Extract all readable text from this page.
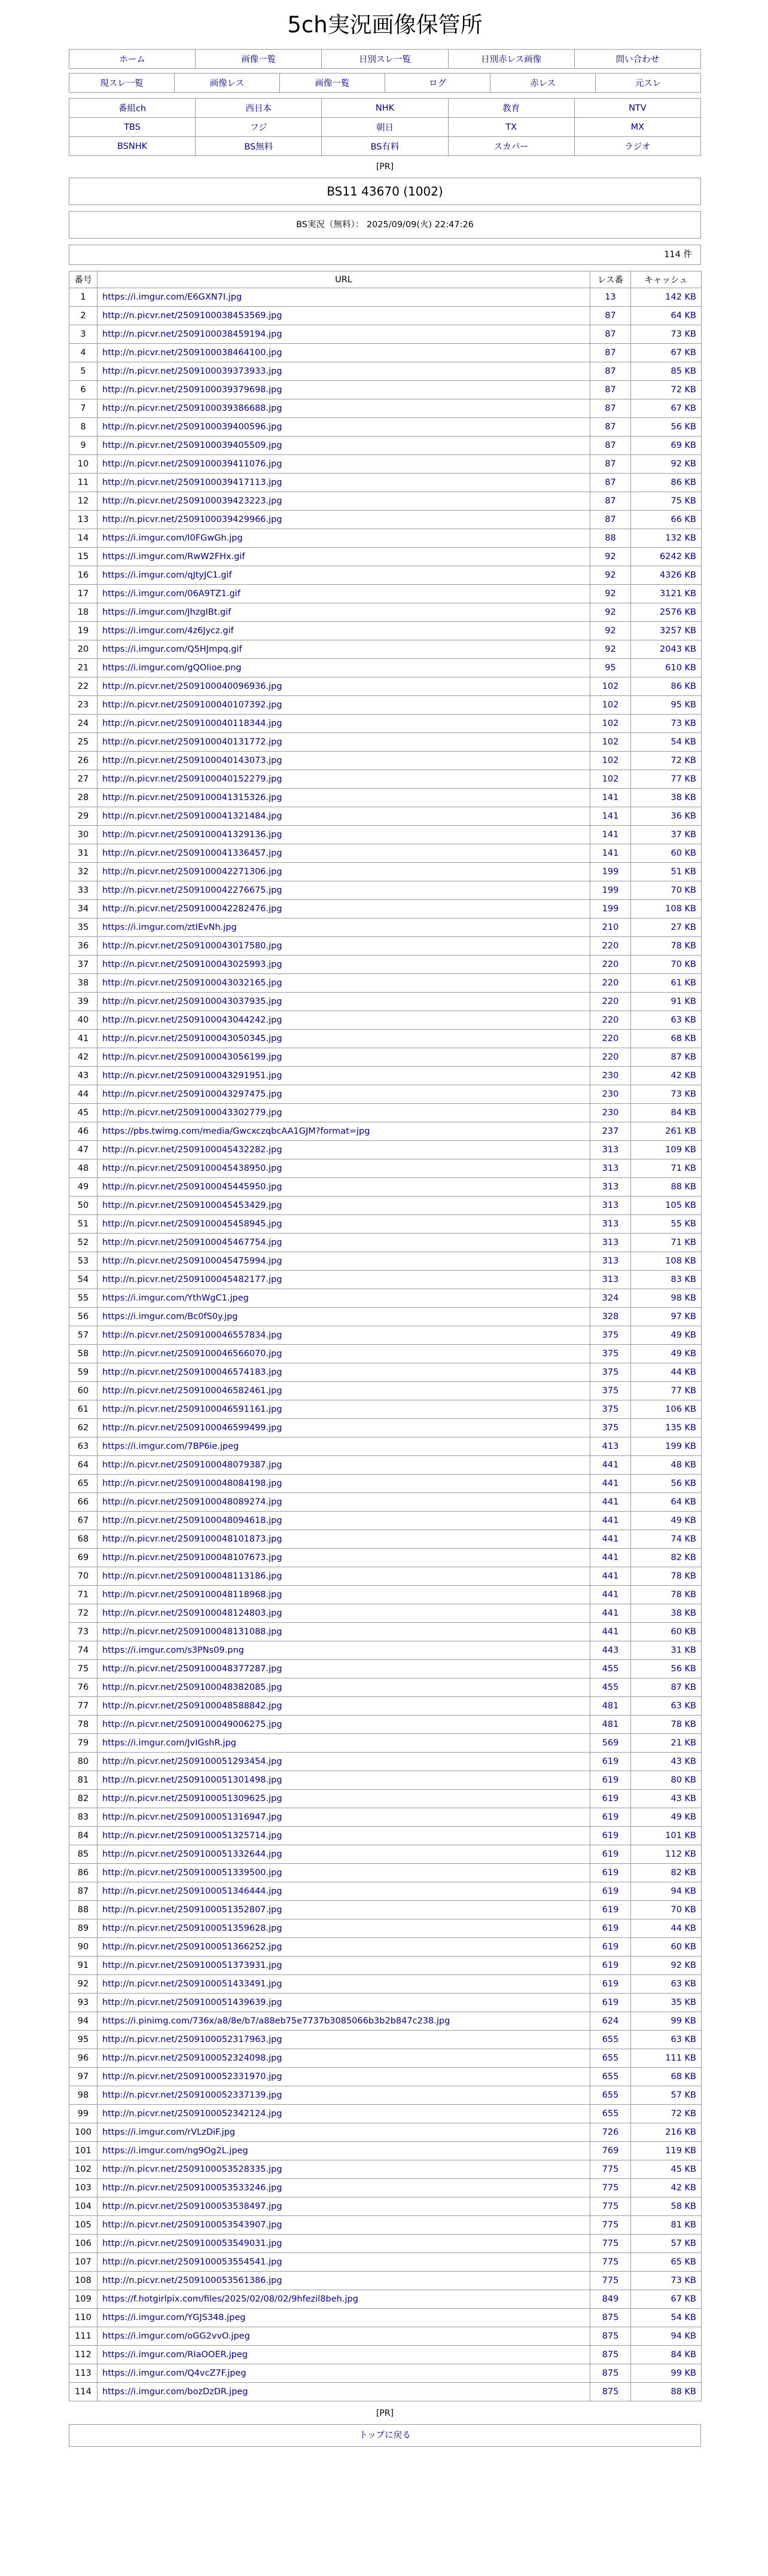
5ch実況画像保管所
ホーム	画像一覧	日別スレ一覧	日別赤レス画像	問い合わせ
現スレ一覧	画像レス	画像一覧	ログ	赤レス	元スレ
番組ch	西日本	NHK	教育	NTV
TBS	フジ	朝日	TX	MX
BSNHK	BS無料	BS有料	スカパー	ラジオ
[PR]
BS11 43670 (1002)
BS実況（無料）： 2025/09/09(火) 22:47:26
114 件
番号	URL	レス番	キャッシュ
1	https://i.imgur.com/E6GXN7I.jpg	13	142 KB
2	http://n.picvr.net/2509100038453569.jpg	87	64 KB
3	http://n.picvr.net/2509100038459194.jpg	87	73 KB
4	http://n.picvr.net/2509100038464100.jpg	87	67 KB
5	http://n.picvr.net/2509100039373933.jpg	87	85 KB
6	http://n.picvr.net/2509100039379698.jpg	87	72 KB
7	http://n.picvr.net/2509100039386688.jpg	87	67 KB
8	http://n.picvr.net/2509100039400596.jpg	87	56 KB
9	http://n.picvr.net/2509100039405509.jpg	87	69 KB
10	http://n.picvr.net/2509100039411076.jpg	87	92 KB
11	http://n.picvr.net/2509100039417113.jpg	87	86 KB
12	http://n.picvr.net/2509100039423223.jpg	87	75 KB
13	http://n.picvr.net/2509100039429966.jpg	87	66 KB
14	https://i.imgur.com/I0FGwGh.jpg	88	132 KB
15	https://i.imgur.com/RwW2FHx.gif	92	6242 KB
16	https://i.imgur.com/qJtyJC1.gif	92	4326 KB
17	https://i.imgur.com/06A9TZ1.gif	92	3121 KB
18	https://i.imgur.com/JhzgIBt.gif	92	2576 KB
19	https://i.imgur.com/4z6Jycz.gif	92	3257 KB
20	https://i.imgur.com/Q5HJmpq.gif	92	2043 KB
21	https://i.imgur.com/gQOIioe.png	95	610 KB
22	http://n.picvr.net/2509100040096936.jpg	102	86 KB
23	http://n.picvr.net/2509100040107392.jpg	102	95 KB
24	http://n.picvr.net/2509100040118344.jpg	102	73 KB
25	http://n.picvr.net/2509100040131772.jpg	102	54 KB
26	http://n.picvr.net/2509100040143073.jpg	102	72 KB
27	http://n.picvr.net/2509100040152279.jpg	102	77 KB
28	http://n.picvr.net/2509100041315326.jpg	141	38 KB
29	http://n.picvr.net/2509100041321484.jpg	141	36 KB
30	http://n.picvr.net/2509100041329136.jpg	141	37 KB
31	http://n.picvr.net/2509100041336457.jpg	141	60 KB
32	http://n.picvr.net/2509100042271306.jpg	199	51 KB
33	http://n.picvr.net/2509100042276675.jpg	199	70 KB
34	http://n.picvr.net/2509100042282476.jpg	199	108 KB
35	https://i.imgur.com/ztIEvNh.jpg	210	27 KB
36	http://n.picvr.net/2509100043017580.jpg	220	78 KB
37	http://n.picvr.net/2509100043025993.jpg	220	70 KB
38	http://n.picvr.net/2509100043032165.jpg	220	61 KB
39	http://n.picvr.net/2509100043037935.jpg	220	91 KB
40	http://n.picvr.net/2509100043044242.jpg	220	63 KB
41	http://n.picvr.net/2509100043050345.jpg	220	68 KB
42	http://n.picvr.net/2509100043056199.jpg	220	87 KB
43	http://n.picvr.net/2509100043291951.jpg	230	42 KB
44	http://n.picvr.net/2509100043297475.jpg	230	73 KB
45	http://n.picvr.net/2509100043302779.jpg	230	84 KB
46	https://pbs.twimg.com/media/GwcxczqbcAA1GJM?format=jpg	237	261 KB
47	http://n.picvr.net/2509100045432282.jpg	313	109 KB
48	http://n.picvr.net/2509100045438950.jpg	313	71 KB
49	http://n.picvr.net/2509100045445950.jpg	313	88 KB
50	http://n.picvr.net/2509100045453429.jpg	313	105 KB
51	http://n.picvr.net/2509100045458945.jpg	313	55 KB
52	http://n.picvr.net/2509100045467754.jpg	313	71 KB
53	http://n.picvr.net/2509100045475994.jpg	313	108 KB
54	http://n.picvr.net/2509100045482177.jpg	313	83 KB
55	https://i.imgur.com/YthWgC1.jpeg	324	98 KB
56	https://i.imgur.com/Bc0fS0y.jpg	328	97 KB
57	http://n.picvr.net/2509100046557834.jpg	375	49 KB
58	http://n.picvr.net/2509100046566070.jpg	375	49 KB
59	http://n.picvr.net/2509100046574183.jpg	375	44 KB
60	http://n.picvr.net/2509100046582461.jpg	375	77 KB
61	http://n.picvr.net/2509100046591161.jpg	375	106 KB
62	http://n.picvr.net/2509100046599499.jpg	375	135 KB
63	https://i.imgur.com/7BP6ie.jpeg	413	199 KB
64	http://n.picvr.net/2509100048079387.jpg	441	48 KB
65	http://n.picvr.net/2509100048084198.jpg	441	56 KB
66	http://n.picvr.net/2509100048089274.jpg	441	64 KB
67	http://n.picvr.net/2509100048094618.jpg	441	49 KB
68	http://n.picvr.net/2509100048101873.jpg	441	74 KB
69	http://n.picvr.net/2509100048107673.jpg	441	82 KB
70	http://n.picvr.net/2509100048113186.jpg	441	78 KB
71	http://n.picvr.net/2509100048118968.jpg	441	78 KB
72	http://n.picvr.net/2509100048124803.jpg	441	38 KB
73	http://n.picvr.net/2509100048131088.jpg	441	60 KB
74	https://i.imgur.com/s3PNs09.png	443	31 KB
75	http://n.picvr.net/2509100048377287.jpg	455	56 KB
76	http://n.picvr.net/2509100048382085.jpg	455	87 KB
77	http://n.picvr.net/2509100048588842.jpg	481	63 KB
78	http://n.picvr.net/2509100049006275.jpg	481	78 KB
79	https://i.imgur.com/JvIGshR.jpg	569	21 KB
80	http://n.picvr.net/2509100051293454.jpg	619	43 KB
81	http://n.picvr.net/2509100051301498.jpg	619	80 KB
82	http://n.picvr.net/2509100051309625.jpg	619	43 KB
83	http://n.picvr.net/2509100051316947.jpg	619	49 KB
84	http://n.picvr.net/2509100051325714.jpg	619	101 KB
85	http://n.picvr.net/2509100051332644.jpg	619	112 KB
86	http://n.picvr.net/2509100051339500.jpg	619	82 KB
87	http://n.picvr.net/2509100051346444.jpg	619	94 KB
88	http://n.picvr.net/2509100051352807.jpg	619	70 KB
89	http://n.picvr.net/2509100051359628.jpg	619	44 KB
90	http://n.picvr.net/2509100051366252.jpg	619	60 KB
91	http://n.picvr.net/2509100051373931.jpg	619	92 KB
92	http://n.picvr.net/2509100051433491.jpg	619	63 KB
93	http://n.picvr.net/2509100051439639.jpg	619	35 KB
94	https://i.pinimg.com/736x/a8/8e/b7/a88eb75e7737b3085066b3b2b847c238.jpg	624	99 KB
95	http://n.picvr.net/2509100052317963.jpg	655	63 KB
96	http://n.picvr.net/2509100052324098.jpg	655	111 KB
97	http://n.picvr.net/2509100052331970.jpg	655	68 KB
98	http://n.picvr.net/2509100052337139.jpg	655	57 KB
99	http://n.picvr.net/2509100052342124.jpg	655	72 KB
100	https://i.imgur.com/rVLzDiF.jpg	726	216 KB
101	https://i.imgur.com/ng9Og2L.jpeg	769	119 KB
102	http://n.picvr.net/2509100053528335.jpg	775	45 KB
103	http://n.picvr.net/2509100053533246.jpg	775	42 KB
104	http://n.picvr.net/2509100053538497.jpg	775	58 KB
105	http://n.picvr.net/2509100053543907.jpg	775	81 KB
106	http://n.picvr.net/2509100053549031.jpg	775	57 KB
107	http://n.picvr.net/2509100053554541.jpg	775	65 KB
108	http://n.picvr.net/2509100053561386.jpg	775	73 KB
109	https://f.hotgirlpix.com/files/2025/02/08/02/9hfezil8beh.jpg	849	67 KB
110	https://i.imgur.com/YGJS348.jpeg	875	54 KB
111	https://i.imgur.com/oGG2vvO.jpeg	875	94 KB
112	https://i.imgur.com/RIaOOER.jpeg	875	84 KB
113	https://i.imgur.com/Q4vcZ7F.jpeg	875	99 KB
114	https://i.imgur.com/bozDzDR.jpeg	875	88 KB
[PR]
トップに戻る
